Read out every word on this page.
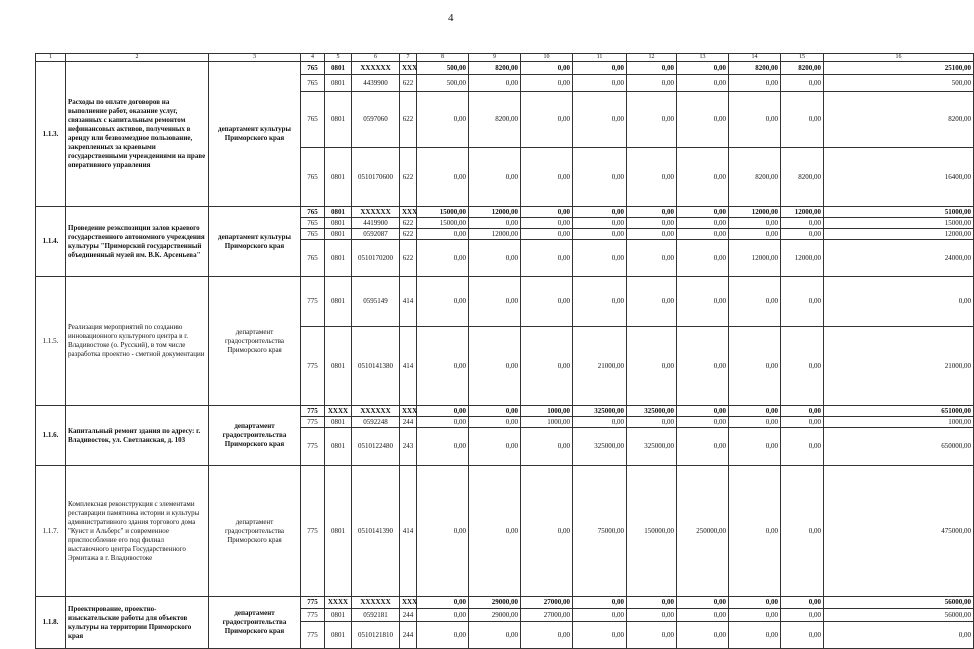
4
1	2	3	4	5	6	7	8	9	10	11	12	13	14	15	16
1.1.3.	Расходы по оплате договоров на выполнение работ, оказание услуг, связанных с капитальным ремонтом нефинансовых активов, полученных в аренду или безвозмездное пользование, закрепленных за краевыми государственными учреждениями на праве оперативного управления	департамент культуры Приморского края	765	0801	XXXXXX	XXX	500,00	8200,00	0,00	0,00	0,00	0,00	8200,00	8200,00	25100,00
			765	0801	4439900	622	500,00	0,00	0,00	0,00	0,00	0,00	0,00	0,00	500,00
			765	0801	0597060	622	0,00	8200,00	0,00	0,00	0,00	0,00	0,00	0,00	8200,00
			765	0801	0510170600	622	0,00	0,00	0,00	0,00	0,00	0,00	8200,00	8200,00	16400,00
1.1.4.	Проведение реэкспозиции залов краевого государственного автономного учреждения культуры "Приморский государственный объединенный музей им. В.К. Арсеньева"	департамент культуры Приморского края	765	0801	XXXXXX	XXX	15000,00	12000,00	0,00	0,00	0,00	0,00	12000,00	12000,00	51000,00
			765	0801	4419900	622	15000,00	0,00	0,00	0,00	0,00	0,00	0,00	0,00	15000,00
			765	0801	0592087	622	0,00	12000,00	0,00	0,00	0,00	0,00	0,00	0,00	12000,00
			765	0801	0510170200	622	0,00	0,00	0,00	0,00	0,00	0,00	12000,00	12000,00	24000,00
1.1.5.	Реализация мероприятий по созданию инновационного культурного центра в г. Владивостоке (о. Русский), в том числе разработка проектно - сметной документации	департамент градостроительства Приморского края	775	0801	0595149	414	0,00	0,00	0,00	0,00	0,00	0,00	0,00	0,00	0,00
			775	0801	0510141380	414	0,00	0,00	0,00	21000,00	0,00	0,00	0,00	0,00	21000,00
1.1.6.	Капитальный ремонт здания по адресу: г. Владивосток, ул. Светланская, д. 103	департамент градостроительства Приморского края	775	XXXX	XXXXXX	XXX	0,00	0,00	1000,00	325000,00	325000,00	0,00	0,00	0,00	651000,00
			775	0801	0592248	244	0,00	0,00	1000,00	0,00	0,00	0,00	0,00	0,00	1000,00
			775	0801	0510122480	243	0,00	0,00	0,00	325000,00	325000,00	0,00	0,00	0,00	650000,00
1.1.7.	Комплексная реконструкция с элементами реставрации памятника истории и культуры административного здания торгового дома "Кунст и Альберс" и современное приспособление его под филиал выставочного центра Государственного Эрмитажа в г. Владивостоке	департамент градостроительства Приморского края	775	0801	0510141390	414	0,00	0,00	0,00	75000,00	150000,00	250000,00	0,00	0,00	475000,00
1.1.8.	Проектирование, проектно-изыскательские работы для объектов культуры на территории Приморского края	департамент градостроительства Приморского края	775	XXXX	XXXXXX	XXX	0,00	29000,00	27000,00	0,00	0,00	0,00	0,00	0,00	56000,00
			775	0801	0592181	244	0,00	29000,00	27000,00	0,00	0,00	0,00	0,00	0,00	56000,00
			775	0801	0510121810	244	0,00	0,00	0,00	0,00	0,00	0,00	0,00	0,00	0,00
